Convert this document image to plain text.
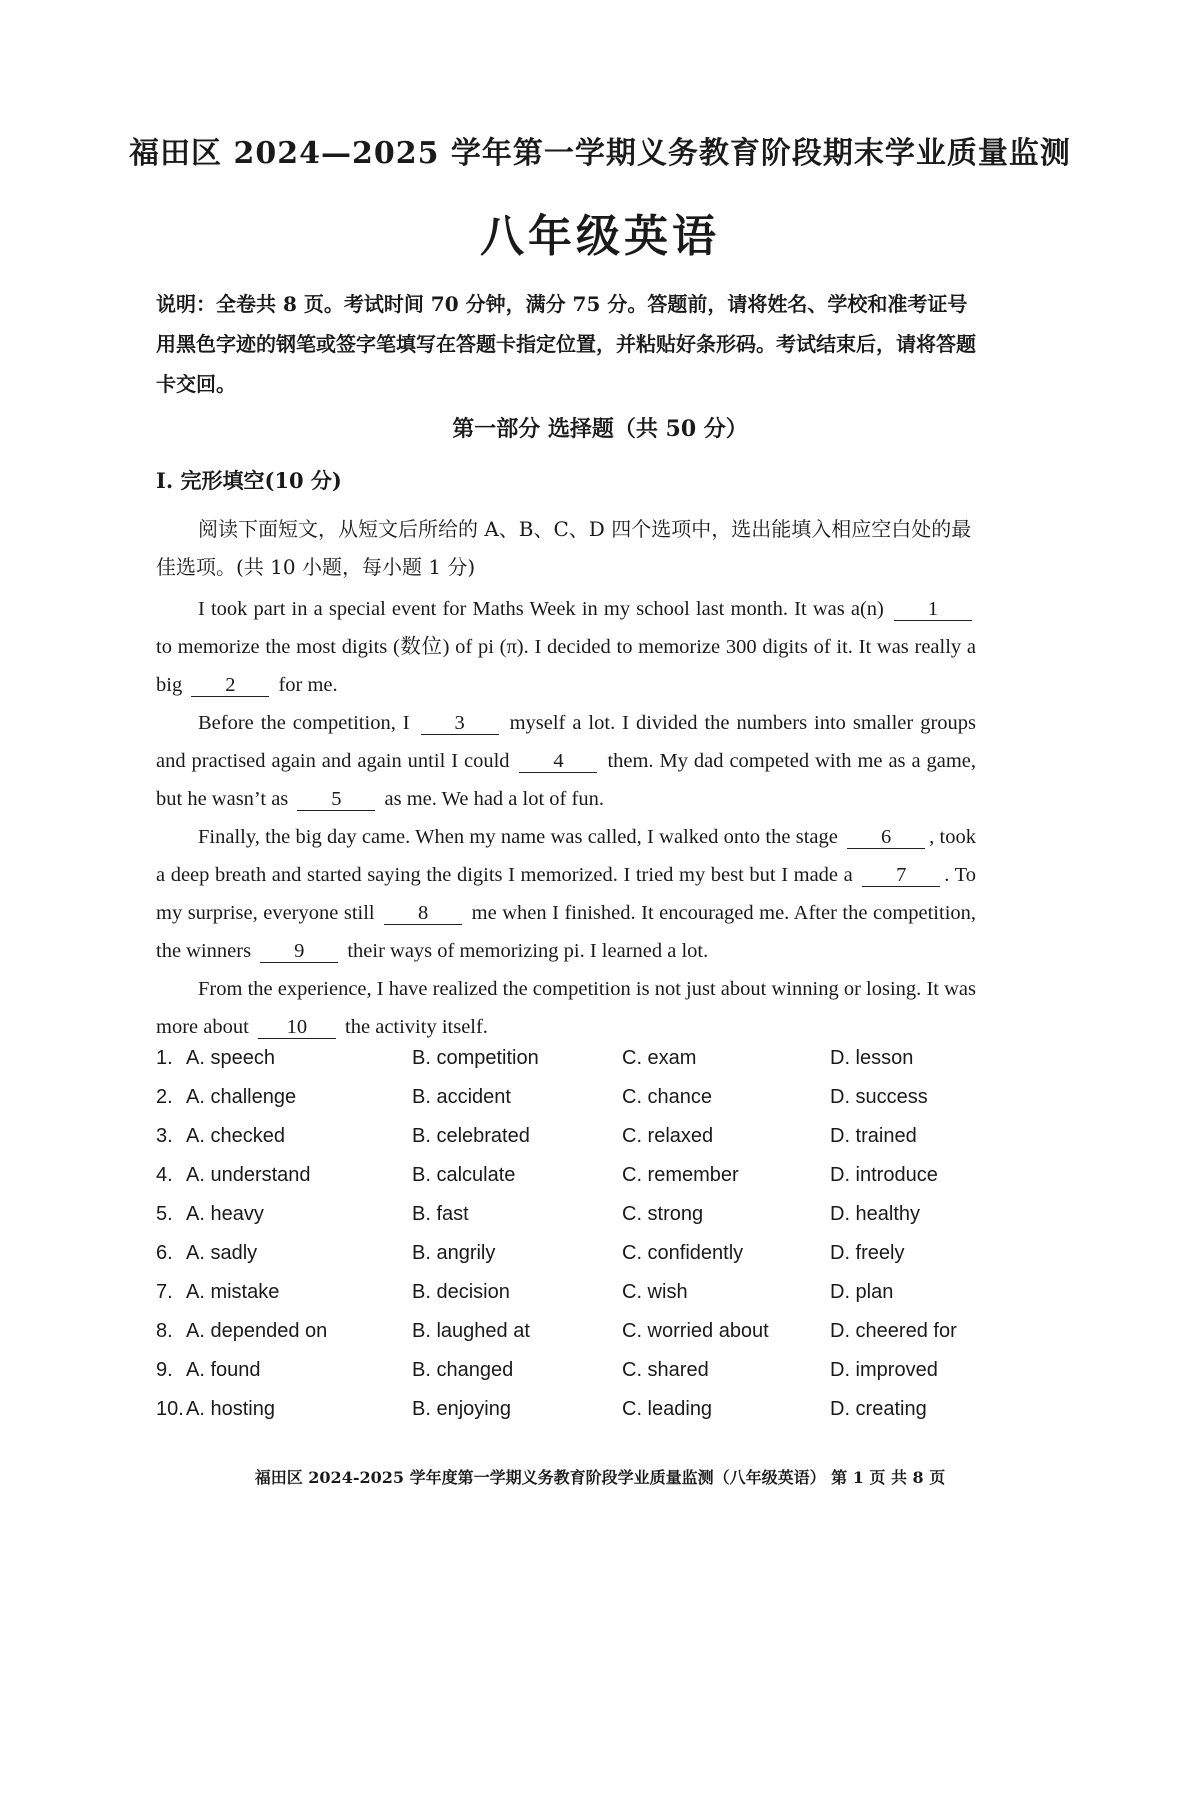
福田区 2024—2025 学年第一学期义务教育阶段期末学业质量监测
八年级英语
说明：全卷共 8 页。考试时间 70 分钟，满分 75 分。答题前，请将姓名、学校和准考证号用黑色字迹的钢笔或签字笔填写在答题卡指定位置，并粘贴好条形码。考试结束后，请将答题卡交回。
第一部分 选择题（共 50 分）
I. 完形填空(10 分)
阅读下面短文，从短文后所给的 A、B、C、D 四个选项中，选出能填入相应空白处的最佳选项。(共 10 小题，每小题 1 分)

I took part in a special event for Maths Week in my school last month. It was a(n) 1 to memorize the most digits (数位) of pi (π). I decided to memorize 300 digits of it. It was really a big 2 for me.

Before the competition, I 3 myself a lot. I divided the numbers into smaller groups and practised again and again until I could 4 them. My dad competed with me as a game, but he wasn’t as 5 as me. We had a lot of fun.

Finally, the big day came. When my name was called, I walked onto the stage 6 , took a deep breath and started saying the digits I memorized. I tried my best but I made a 7 . To my surprise, everyone still 8 me when I finished. It encouraged me. After the competition, the winners 9 their ways of memorizing pi. I learned a lot.

From the experience, I have realized the competition is not just about winning or losing. It was more about 10 the activity itself.

1. A. speech	B. competition	C. exam	D. lesson
2. A. challenge	B. accident	C. chance	D. success
3. A. checked	B. celebrated	C. relaxed	D. trained
4. A. understand	B. calculate	C. remember	D. introduce
5. A. heavy	B. fast	C. strong	D. healthy
6. A. sadly	B. angrily	C. confidently	D. freely
7. A. mistake	B. decision	C. wish	D. plan
8. A. depended on	B. laughed at	C. worried about	D. cheered for
9. A. found	B. changed	C. shared	D. improved
10. A. hosting	B. enjoying	C. leading	D. creating
福田区 2024-2025 学年度第一学期义务教育阶段学业质量监测（八年级英语） 第 1 页 共 8 页
